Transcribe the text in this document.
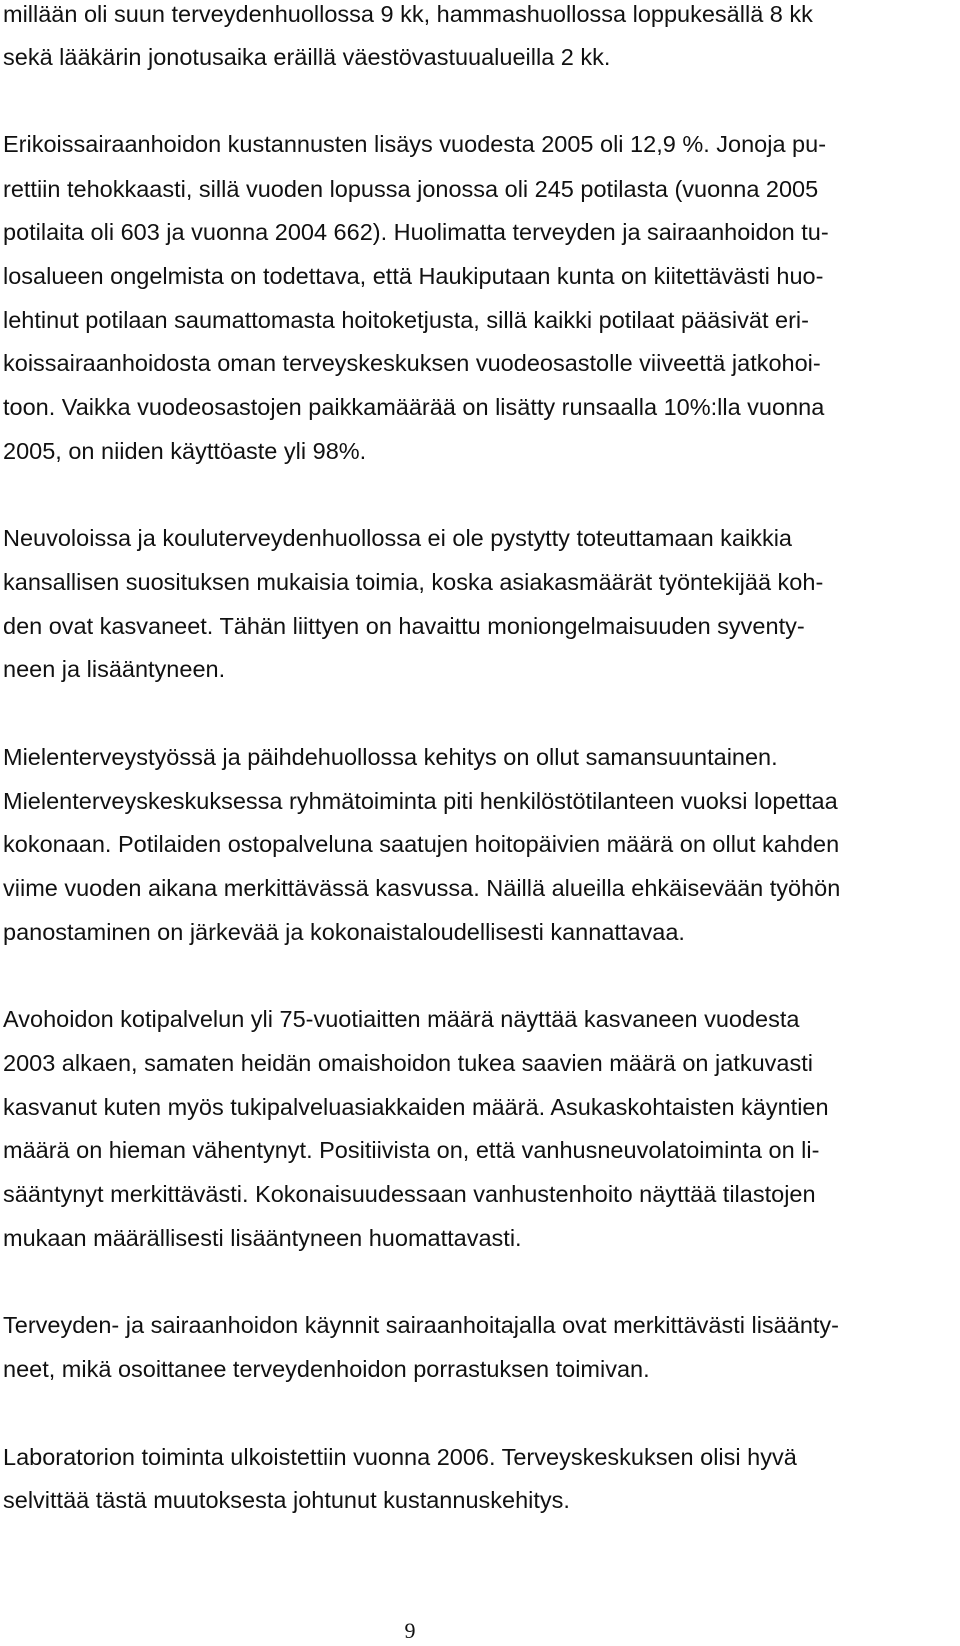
millään oli suun terveydenhuollossa 9 kk, hammashuollossa loppukesällä 8 kk

sekä lääkärin jonotusaika eräillä väestövastuualueilla 2 kk.

Erikoissairaanhoidon kustannusten lisäys vuodesta 2005 oli 12,9 %. Jonoja pu-

rettiin tehokkaasti, sillä vuoden lopussa jonossa oli 245 potilasta (vuonna 2005

potilaita oli 603 ja vuonna 2004 662). Huolimatta terveyden ja sairaanhoidon tu-

losalueen ongelmista on todettava, että Haukiputaan kunta on kiitettävästi huo-

lehtinut potilaan saumattomasta hoitoketjusta, sillä kaikki potilaat pääsivät eri-

koissairaanhoidosta oman terveyskeskuksen vuodeosastolle viiveettä jatkohoi-

toon. Vaikka vuodeosastojen paikkamäärää on lisätty runsaalla 10%:lla vuonna

2005, on niiden käyttöaste yli 98%.

Neuvoloissa ja kouluterveydenhuollossa ei ole pystytty toteuttamaan kaikkia

kansallisen suosituksen mukaisia toimia, koska asiakasmäärät työntekijää koh-

den ovat kasvaneet. Tähän liittyen on havaittu moniongelmaisuuden syventy-

neen ja lisääntyneen.

Mielenterveystyössä ja päihdehuollossa kehitys on ollut samansuuntainen.

Mielenterveyskeskuksessa ryhmätoiminta piti henkilöstötilanteen vuoksi lopettaa

kokonaan. Potilaiden ostopalveluna saatujen hoitopäivien määrä on ollut kahden

viime vuoden aikana merkittävässä kasvussa. Näillä alueilla ehkäisevään työhön

panostaminen on järkevää ja kokonaistaloudellisesti kannattavaa.

Avohoidon kotipalvelun yli 75-vuotiaitten määrä näyttää kasvaneen vuodesta

2003 alkaen, samaten heidän omaishoidon tukea saavien määrä on jatkuvasti

kasvanut kuten myös tukipalveluasiakkaiden määrä. Asukaskohtaisten käyntien

määrä on hieman vähentynyt. Positiivista on, että vanhusneuvolatoiminta on li-

sääntynyt merkittävästi. Kokonaisuudessaan vanhustenhoito näyttää tilastojen

mukaan määrällisesti lisääntyneen huomattavasti.

Terveyden- ja sairaanhoidon käynnit sairaanhoitajalla ovat merkittävästi lisäänty-

neet, mikä osoittanee terveydenhoidon porrastuksen toimivan.

Laboratorion toiminta ulkoistettiin vuonna 2006. Terveyskeskuksen olisi hyvä

selvittää tästä muutoksesta johtunut kustannuskehitys.

9
